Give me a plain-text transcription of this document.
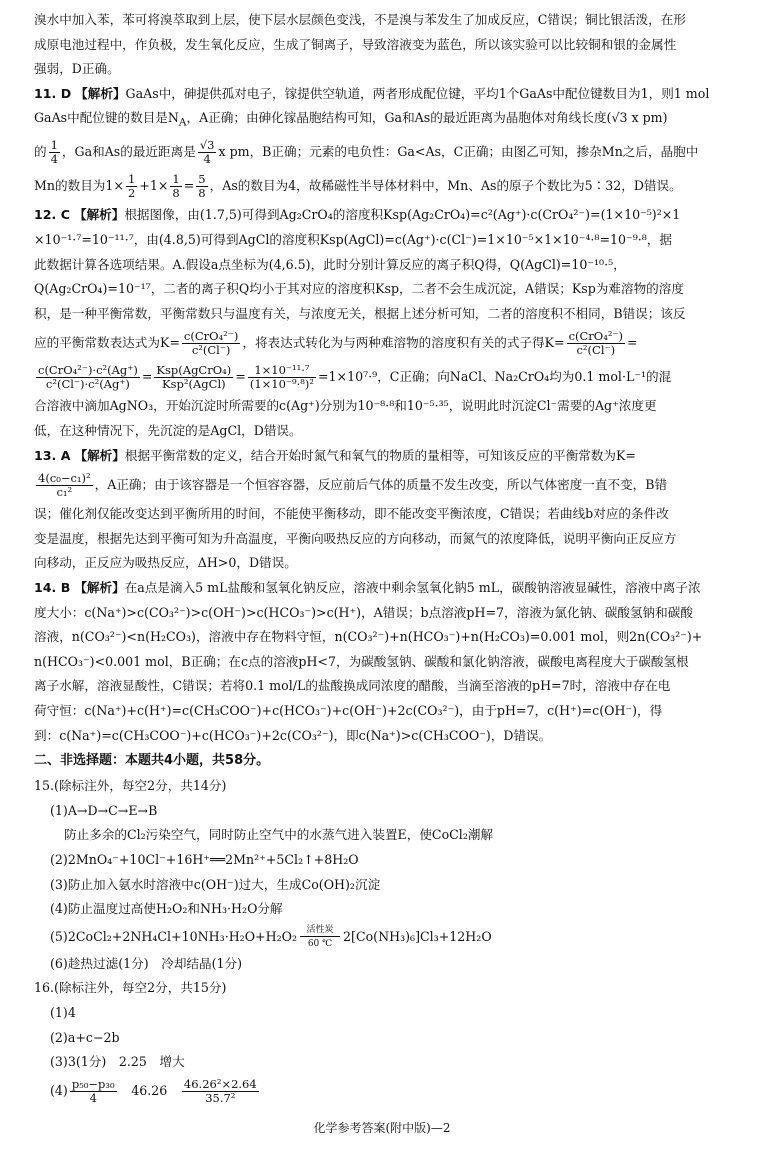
溴水中加入苯，苯可将溴萃取到上层，使下层水层颜色变浅，不是溴与苯发生了加成反应，C错误；铜比银活泼，在形

成原电池过程中，作负极，发生氧化反应，生成了铜离子，导致溶液变为蓝色，所以该实验可以比较铜和银的金属性

强弱，D正确。

11. D 【解析】GaAs中，砷提供孤对电子，镓提供空轨道，两者形成配位键，平均1个GaAs中配位键数目为1，则1 mol

GaAs中配位键的数目是$N_A$，A正确；由砷化镓晶胞结构可知，Ga和As的最近距离为晶胞体对角线长度(√3 x pm)

的 $\frac{1}{4}$ ，Ga和As的最近距离是 $\frac{√3}{4}$ x pm，B正确；元素的电负性：Ga<As，C正确；由图乙可知，掺杂Mn之后，晶胞中

Mn的数目为$1\times \frac{1}{2} +1\times \frac{1}{8} = \frac{5}{8}$ ，As的数目为4，故稀磁性半导体材料中，Mn、As的原子个数比为5∶32，D错误。

12. C 【解析】根据图像，由(1.7,5)可得到Ag₂CrO₄的溶度积Ksp(Ag₂CrO₄)=c²(Ag⁺)·c(CrO₄²⁻)=(1×10⁻⁵)²×1

×10⁻¹·⁷=10⁻¹¹·⁷，由(4.8,5)可得到AgCl的溶度积Ksp(AgCl)=c(Ag⁺)·c(Cl⁻)=1×10⁻⁵×1×10⁻⁴·⁸=10⁻⁹·⁸，据

此数据计算各选项结果。A.假设a点坐标为(4,6.5)，此时分别计算反应的离子积Q得，Q(AgCl)=10⁻¹⁰·⁵，

Q(Ag₂CrO₄)=10⁻¹⁷，二者的离子积Q均小于其对应的溶度积Ksp，二者不会生成沉淀，A错误；Ksp为难溶物的溶度

积，是一种平衡常数，平衡常数只与温度有关，与浓度无关，根据上述分析可知，二者的溶度积不相同，B错误；该反

应的平衡常数表达式为$K= \frac{\text{c(CrO₄²⁻)}}{\text{c²(Cl⁻)}}$ ，将表达式转化为与两种难溶物的溶度积有关的式子得$K= \frac{\text{c(CrO₄²⁻)}}{\text{c²(Cl⁻)}}$ =

$\frac{\text{c(CrO₄²⁻)·c²(Ag⁺)}}{\text{c²(Cl⁻)·c²(Ag⁺)}} = \frac{\text{Ksp(AgCrO₄)}}{\text{Ksp²(AgCl)}} = \frac{\text{1×10⁻¹¹·⁷}}{\text{(1×10⁻⁹·⁸)²}} =1\times 10^7\cdot^9$，C正确；向NaCl、Na₂CrO₄均为0.1 mol·L⁻¹的混

合溶液中滴加AgNO₃，开始沉淀时所需要的c(Ag⁺)分别为10⁻⁸·⁸和10⁻⁵·³⁵，说明此时沉淀Cl⁻需要的Ag⁺浓度更

低，在这种情况下，先沉淀的是AgCl，D错误。

13. A 【解析】根据平衡常数的定义，结合开始时氮气和氧气的物质的量相等，可知该反应的平衡常数为K=

$\frac{\text{4(c₀−c₁)²}}{\text{c₁²}}$ ，A正确；由于该容器是一个恒容容器，反应前后气体的质量不发生改变，所以气体密度一直不变，B错

误；催化剂仅能改变达到平衡所用的时间，不能使平衡移动，即不能改变平衡浓度，C错误；若曲线b对应的条件改

变是温度，根据先达到平衡可知为升高温度，平衡向吸热反应的方向移动，而氮气的浓度降低，说明平衡向正反应方

向移动，正反应为吸热反应，ΔH>0，D错误。

14. B 【解析】在a点是滴入5 mL盐酸和氢氧化钠反应，溶液中剩余氢氧化钠5 mL，碳酸钠溶液显碱性，溶液中离子浓

度大小：c(Na⁺)>c(CO₃²⁻)>c(OH⁻)>c(HCO₃⁻)>c(H⁺)，A错误；b点溶液pH=7，溶液为氯化钠、碳酸氢钠和碳酸

溶液，n(CO₃²⁻)<n(H₂CO₃)，溶液中存在物料守恒，n(CO₃²⁻)+n(HCO₃⁻)+n(H₂CO₃)=0.001 mol，则2n(CO₃²⁻)+

n(HCO₃⁻)<0.001 mol，B正确；在c点的溶液pH<7，为碳酸氢钠、碳酸和氯化钠溶液，碳酸电离程度大于碳酸氢根

离子水解，溶液显酸性，C错误；若将0.1 mol/L的盐酸换成同浓度的醋酸，当滴至溶液的pH=7时，溶液中存在电

荷守恒：c(Na⁺)+c(H⁺)=c(CH₃COO⁻)+c(HCO₃⁻)+c(OH⁻)+2c(CO₃²⁻)，由于pH=7，c(H⁺)=c(OH⁻)，得

到：c(Na⁺)=c(CH₃COO⁻)+c(HCO₃⁻)+2c(CO₃²⁻)，即c(Na⁺)>c(CH₃COO⁻)，D错误。

二、非选择题：本题共4小题，共58分。

15.(除标注外，每空2分，共14分)

(1)A→D→C→E→B

防止多余的Cl₂污染空气，同时防止空气中的水蒸气进入装置E，使CoCl₂潮解

(2)2MnO₄⁻+10Cl⁻+16H⁺══2Mn²⁺+5Cl₂↑+8H₂O

(3)防止加入氨水时溶液中c(OH⁻)过大，生成Co(OH)₂沉淀

(4)防止温度过高使H₂O₂和NH₃·H₂O分解

(5)2CoCl₂+2NH₄Cl+10NH₃·H₂O+H₂O₂	活性炭
60 ℃
2[Co(NH₃)₆]Cl₃+12H₂O

(6)趁热过滤(1分)　冷却结晶(1分)

16.(除标注外，每空2分，共15分)

(1)4

(2)a+c−2b

(3)3(1分)　2.25　增大

$(4) \frac{\text{p₅₀−p₃₀}}{4}$ 　46.26　 $\frac{\text{46.26²×2.64}}{\text{35.7²}}$

化学参考答案(附中版)—2
